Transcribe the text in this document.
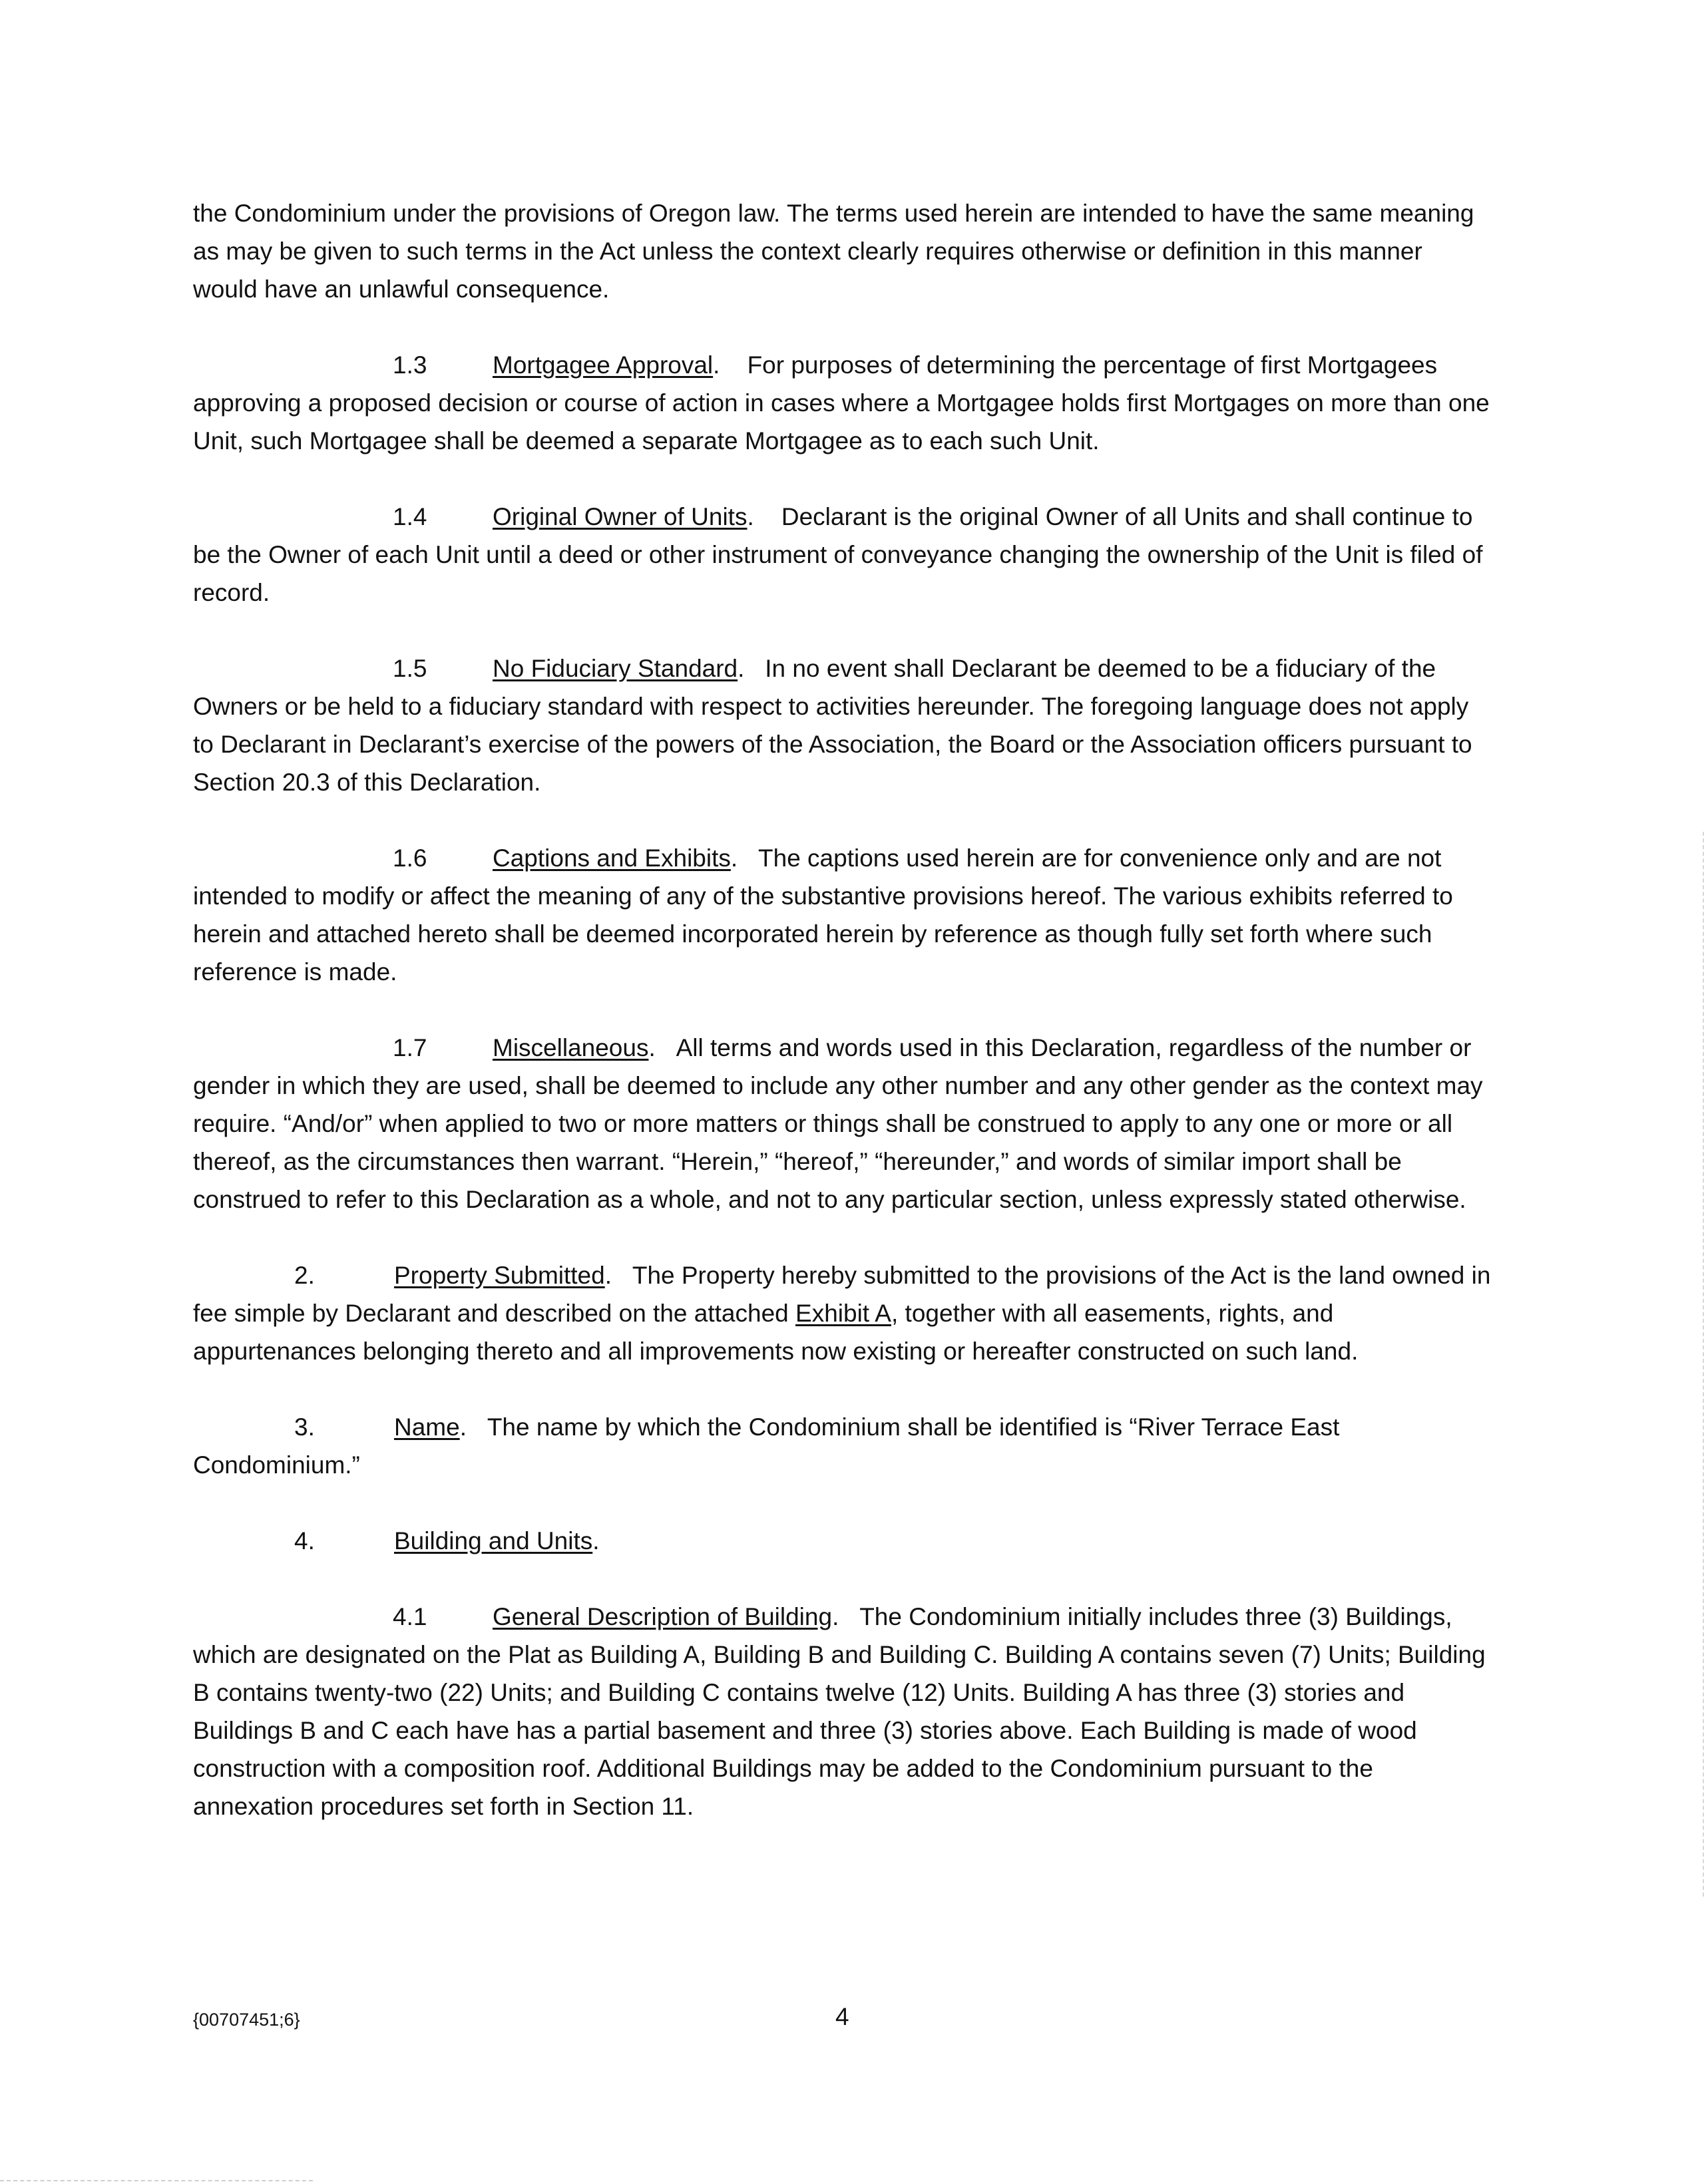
the Condominium under the provisions of Oregon law. The terms used herein are intended to have the same meaning as may be given to such terms in the Act unless the context clearly requires otherwise or definition in this manner would have an unlawful consequence.

1.3	Mortgagee Approval.    For purposes of determining the percentage of first Mortgagees approving a proposed decision or course of action in cases where a Mortgagee holds first Mortgages on more than one Unit, such Mortgagee shall be deemed a separate Mortgagee as to each such Unit.

1.4	Original Owner of Units.    Declarant is the original Owner of all Units and shall continue to be the Owner of each Unit until a deed or other instrument of conveyance changing the ownership of the Unit is filed of record.

1.5	No Fiduciary Standard.   In no event shall Declarant be deemed to be a fiduciary of the Owners or be held to a fiduciary standard with respect to activities hereunder. The foregoing language does not apply to Declarant in Declarant’s exercise of the powers of the Association, the Board or the Association officers pursuant to Section 20.3 of this Declaration.

1.6	Captions and Exhibits.   The captions used herein are for convenience only and are not intended to modify or affect the meaning of any of the substantive provisions hereof. The various exhibits referred to herein and attached hereto shall be deemed incorporated herein by reference as though fully set forth where such reference is made.

1.7	Miscellaneous.   All terms and words used in this Declaration, regardless of the number or gender in which they are used, shall be deemed to include any other number and any other gender as the context may require. “And/or” when applied to two or more matters or things shall be construed to apply to any one or more or all thereof, as the circumstances then warrant. “Herein,” “hereof,” “hereunder,” and words of similar import shall be construed to refer to this Declaration as a whole, and not to any particular section, unless expressly stated otherwise.

2.	Property Submitted.   The Property hereby submitted to the provisions of the Act is the land owned in fee simple by Declarant and described on the attached Exhibit A, together with all easements, rights, and appurtenances belonging thereto and all improvements now existing or hereafter constructed on such land.

3.	Name.   The name by which the Condominium shall be identified is “River Terrace East Condominium.”

4.	Building and Units.

4.1	General Description of Building.   The Condominium initially includes three (3) Buildings, which are designated on the Plat as Building A, Building B and Building C. Building A contains seven (7) Units; Building B contains twenty-two (22) Units; and Building C contains twelve (12) Units. Building A has three (3) stories and Buildings B and C each have has a partial basement and three (3) stories above. Each Building is made of wood construction with a composition roof. Additional Buildings may be added to the Condominium pursuant to the annexation procedures set forth in Section 11.

{00707451;6}	4
